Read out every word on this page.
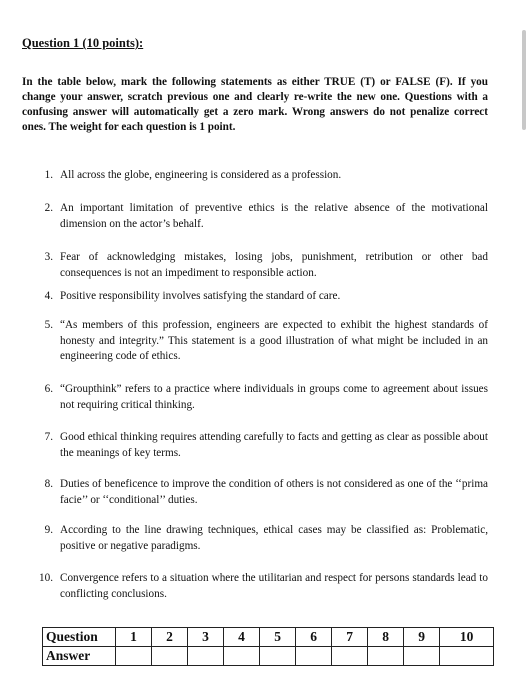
Question 1 (10 points):

In the table below, mark the following statements as either TRUE (T) or FALSE (F). If you change your answer, scratch previous one and clearly re-write the new one. Questions with a confusing answer will automatically get a zero mark. Wrong answers do not penalize correct ones. The weight for each question is 1 point.

1. All across the globe, engineering is considered as a profession.
2. An important limitation of preventive ethics is the relative absence of the motivational dimension on the actor’s behalf.
3. Fear of acknowledging mistakes, losing jobs, punishment, retribution or other bad consequences is not an impediment to responsible action.
4. Positive responsibility involves satisfying the standard of care.
5. “As members of this profession, engineers are expected to exhibit the highest standards of honesty and integrity.” This statement is a good illustration of what might be included in an engineering code of ethics.
6. “Groupthink” refers to a practice where individuals in groups come to agreement about issues not requiring critical thinking.
7. Good ethical thinking requires attending carefully to facts and getting as clear as possible about the meanings of key terms.
8. Duties of beneficence to improve the condition of others is not considered as one of the ‘‘prima facie’’ or ‘‘conditional’’ duties.
9. According to the line drawing techniques, ethical cases may be classified as: Problematic, positive or negative paradigms.
10. Convergence refers to a situation where the utilitarian and respect for persons standards lead to conflicting conclusions.
Question	1	2	3	4	5	6	7	8	9	10
Answer										
